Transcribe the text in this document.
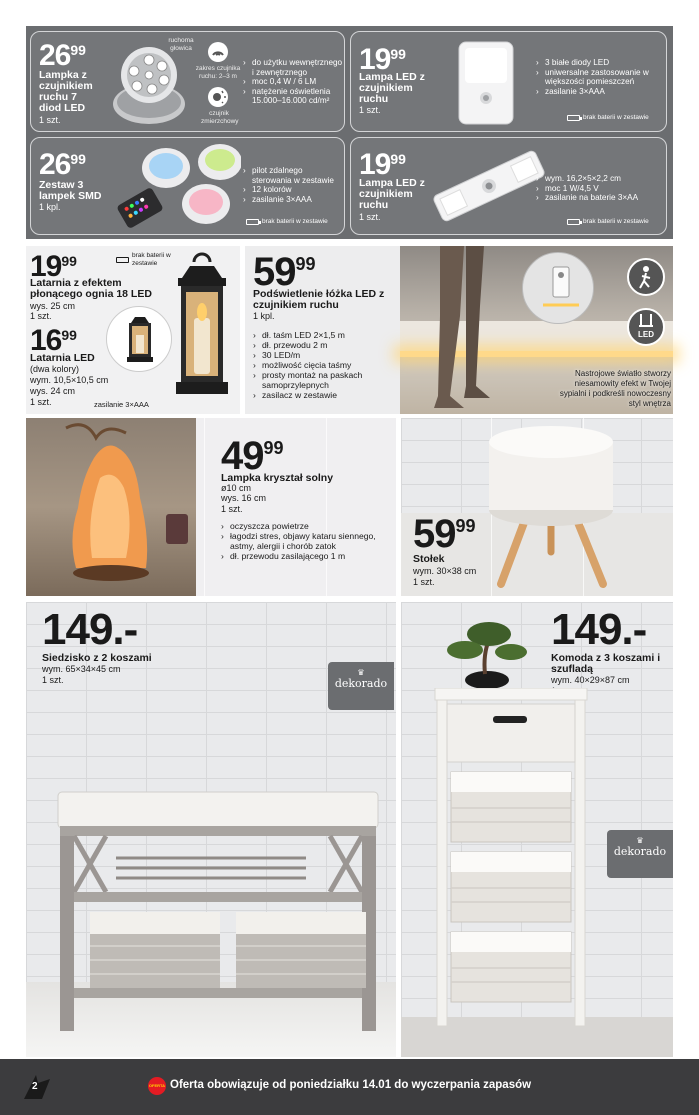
$26^{99}$
Lampka z czujnikiem ruchu 7 diod LED
1 szt.
ruchoma głowica
zakres czujnika ruchu: 2–3 m
czujnik zmierzchowy
› do użytku wewnętrznego i zewnętrznego
› moc 0,4 W / 6 LM
› natężenie oświetlenia 15.000–16.000 cd/m²
$19^{99}$
Lampa LED z czujnikiem ruchu
1 szt.
› 3 białe diody LED
› uniwersalne zastosowanie w większości pomieszczeń
› zasilanie 3×AAA
brak baterii w zestawie
$26^{99}$
Zestaw 3 lampek SMD
1 kpl.
› pilot zdalnego sterowania w zestawie
› 12 kolorów
› zasilanie 3×AAA
brak baterii w zestawie
$19^{99}$
Lampa LED z czujnikiem ruchu
1 szt.
› wym. 16,2×5×2,2 cm
› moc 1 W/4,5 V
› zasilanie na baterie 3×AA
brak baterii w zestawie
$19^{99}$	brak baterii w zestawie
Latarnia z efektem płonącego ognia 18 LED
wys. 25 cm
1 szt.
$16^{99}$
Latarnia LED
(dwa kolory)
wym. 10,5×10,5 cm
wys. 24 cm
1 szt.	zasilanie 3×AAA
LED
Nastrojowe światło stworzy niesamowity efekt w Twojej sypialni i podkreśli nowoczesny styl wnętrza
$59^{99}$
Podświetlenie łóżka LED z czujnikiem ruchu
1 kpl.
› dł. taśm LED 2×1,5 m
› dł. przewodu 2 m
› 30 LED/m
› możliwość cięcia taśmy
› prosty montaż na paskach samoprzylepnych
› zasilacz w zestawie
$49^{99}$
Lampka kryształ solny
ø10 cm
wys. 16 cm
1 szt.
› oczyszcza powietrze
› łagodzi stres, objawy kataru siennego, astmy, alergii i chorób zatok
› dł. przewodu zasilającego 1 m	$59^{99}$
Stołek
wym. 30×38 cm
1 szt.
149.-
Siedzisko z 2 koszami
wym. 65×34×45 cm
1 szt.
♛
dekorado
149.-
Komoda z 3 koszami i szufladą
wym. 40×29×87 cm
♛
dekorado
2	OFERTA Oferta obowiązuje od poniedziałku 14.01 do wyczerpania zapasów
